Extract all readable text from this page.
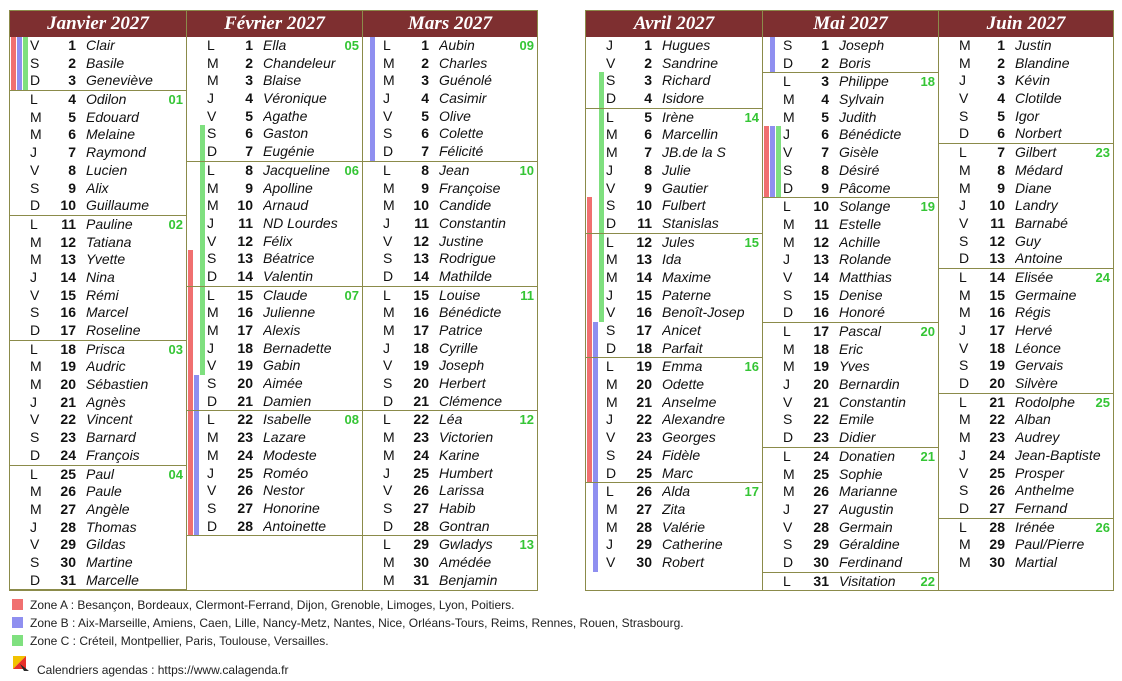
Janvier 2027
V	1 Clair
S	2 Basile
D	3 Geneviève
L	4 Odilon	01
M	5 Edouard
M	6 Melaine
J	7 Raymond
V	8 Lucien
S	9 Alix
D	10 Guillaume
L	11 Pauline	02
M	12 Tatiana
M	13 Yvette
J	14 Nina
V	15 Rémi
S	16 Marcel
D	17 Roseline
L	18 Prisca	03
M	19 Audric
M	20 Sébastien
J	21 Agnès
V	22 Vincent
S	23 Barnard
D	24 François
L	25 Paul	04
M	26 Paule
M	27 Angèle
J	28 Thomas
V	29 Gildas
S	30 Martine
D	31 Marcelle
Février 2027
L	1 Ella	05
M	2 Chandeleur
M	3 Blaise
J	4 Véronique
V	5 Agathe
S	6 Gaston
D	7 Eugénie
L	8 Jacqueline	06
M	9 Apolline
M	10 Arnaud
J	11 ND Lourdes
V	12 Félix
S	13 Béatrice
D	14 Valentin
L	15 Claude	07
M	16 Julienne
M	17 Alexis
J	18 Bernadette
V	19 Gabin
S	20 Aimée
D	21 Damien
L	22 Isabelle	08
M	23 Lazare
M	24 Modeste
J	25 Roméo
V	26 Nestor
S	27 Honorine
D	28 Antoinette
Mars 2027
L	1 Aubin	09
M	2 Charles
M	3 Guénolé
J	4 Casimir
V	5 Olive
S	6 Colette
D	7 Félicité
L	8 Jean	10
M	9 Françoise
M	10 Candide
J	11 Constantin
V	12 Justine
S	13 Rodrigue
D	14 Mathilde
L	15 Louise	11
M	16 Bénédicte
M	17 Patrice
J	18 Cyrille
V	19 Joseph
S	20 Herbert
D	21 Clémence
L	22 Léa	12
M	23 Victorien
M	24 Karine
J	25 Humbert
V	26 Larissa
S	27 Habib
D	28 Gontran
L	29 Gwladys	13
M	30 Amédée
M	31 Benjamin
Avril 2027
J	1 Hugues
V	2 Sandrine
S	3 Richard
D	4 Isidore
L	5 Irène	14
M	6 Marcellin
M	7 JB.de la S
J	8 Julie
V	9 Gautier
S	10 Fulbert
D	11 Stanislas
L	12 Jules	15
M	13 Ida
M	14 Maxime
J	15 Paterne
V	16 Benoît-Josep
S	17 Anicet
D	18 Parfait
L	19 Emma	16
M	20 Odette
M	21 Anselme
J	22 Alexandre
V	23 Georges
S	24 Fidèle
D	25 Marc
L	26 Alda	17
M	27 Zita
M	28 Valérie
J	29 Catherine
V	30 Robert
Mai 2027
S	1 Joseph
D	2 Boris
L	3 Philippe	18
M	4 Sylvain
M	5 Judith
J	6 Bénédicte
V	7 Gisèle
S	8 Désiré
D	9 Pâcome
L	10 Solange	19
M	11 Estelle
M	12 Achille
J	13 Rolande
V	14 Matthias
S	15 Denise
D	16 Honoré
L	17 Pascal	20
M	18 Eric
M	19 Yves
J	20 Bernardin
V	21 Constantin
S	22 Emile
D	23 Didier
L	24 Donatien	21
M	25 Sophie
M	26 Marianne
J	27 Augustin
V	28 Germain
S	29 Géraldine
D	30 Ferdinand
L	31 Visitation	22
Juin 2027
M	1 Justin
M	2 Blandine
J	3 Kévin
V	4 Clotilde
S	5 Igor
D	6 Norbert
L	7 Gilbert	23
M	8 Médard
M	9 Diane
J	10 Landry
V	11 Barnabé
S	12 Guy
D	13 Antoine
L	14 Elisée	24
M	15 Germaine
M	16 Régis
J	17 Hervé
V	18 Léonce
S	19 Gervais
D	20 Silvère
L	21 Rodolphe	25
M	22 Alban
M	23 Audrey
J	24 Jean-Baptiste
V	25 Prosper
S	26 Anthelme
D	27 Fernand
L	28 Irénée	26
M	29 Paul/Pierre
M	30 Martial
Zone A : Besançon, Bordeaux, Clermont-Ferrand, Dijon, Grenoble, Limoges, Lyon, Poitiers.
Zone B : Aix-Marseille, Amiens, Caen, Lille, Nancy-Metz, Nantes, Nice, Orléans-Tours, Reims, Rennes, Rouen, Strasbourg.
Zone C : Créteil, Montpellier, Paris, Toulouse, Versailles.
Calendriers agendas : https://www.calagenda.fr
